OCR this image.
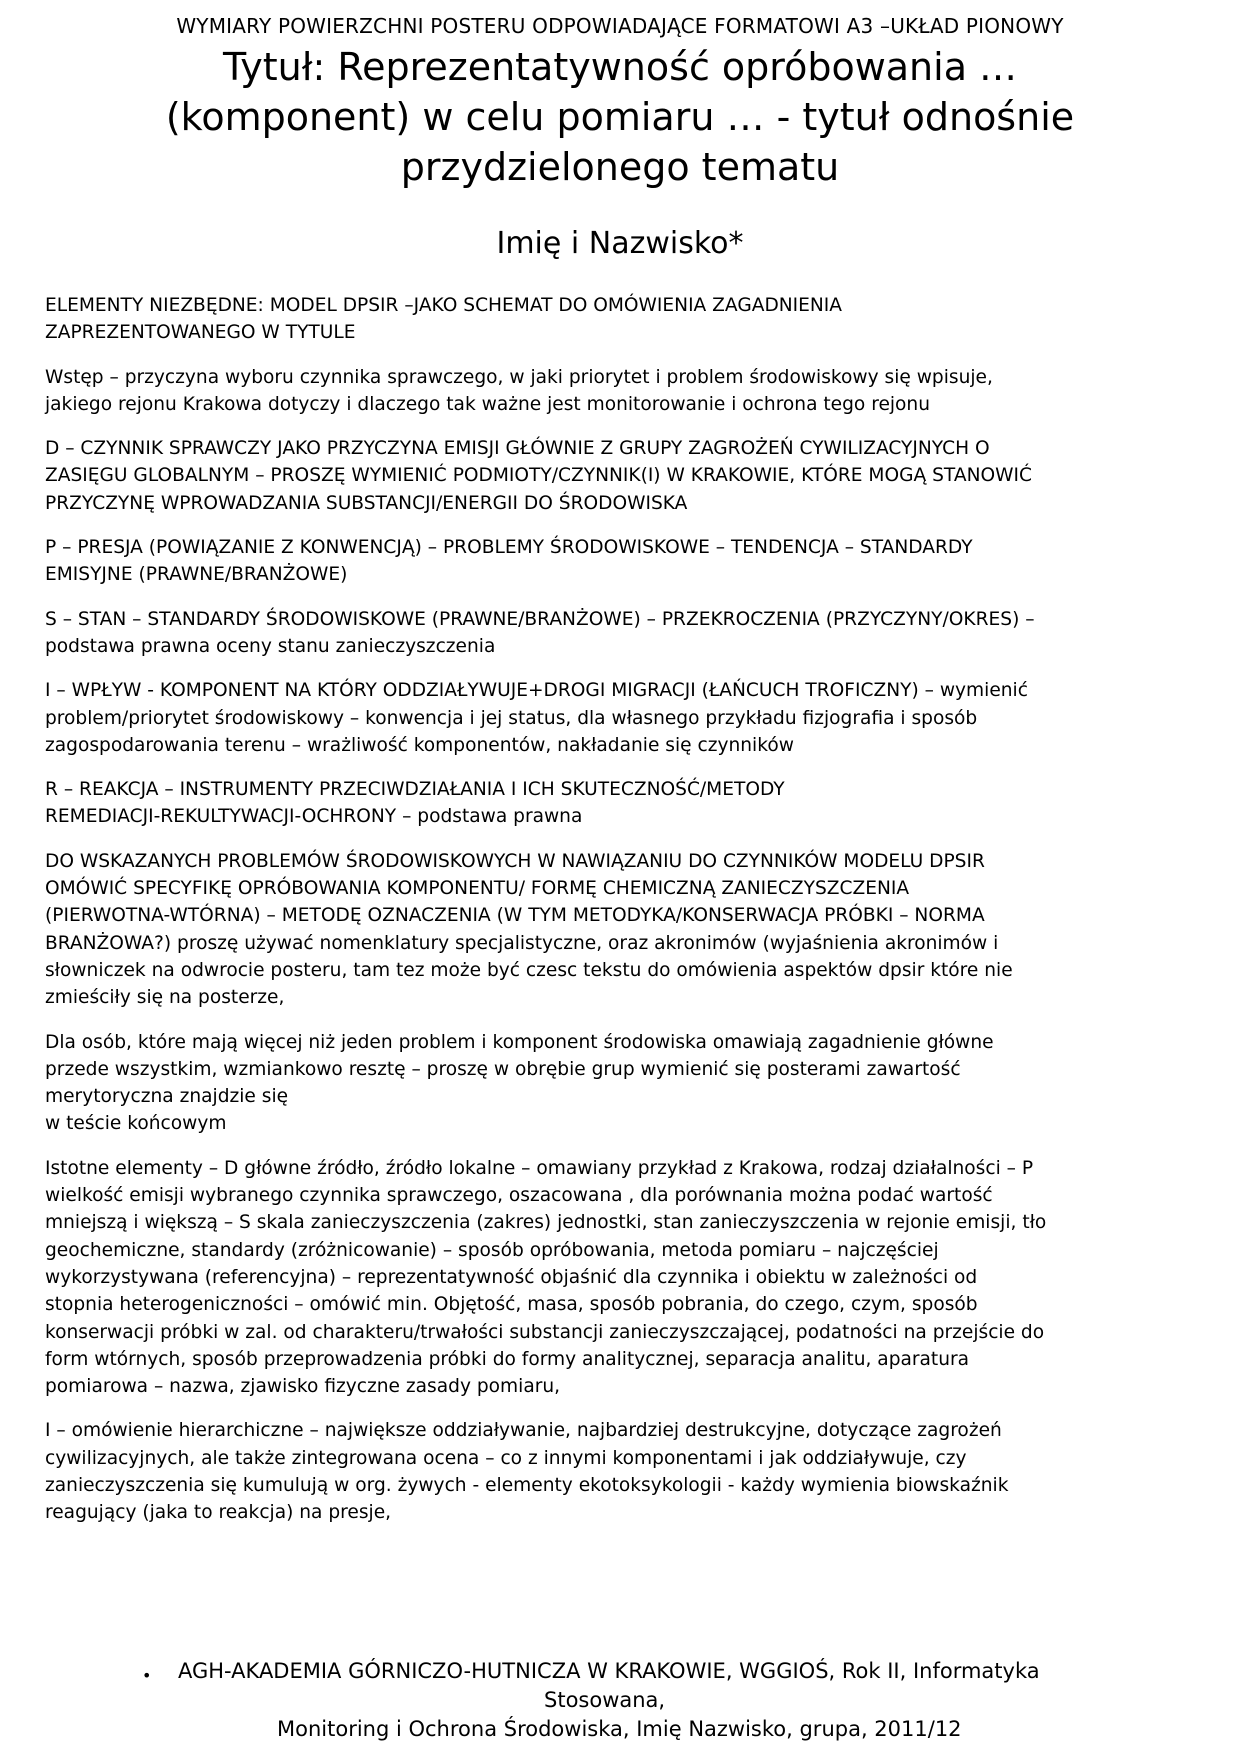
WYMIARY POWIERZCHNI POSTERU ODPOWIADAJĄCE FORMATOWI A3 –UKŁAD PIONOWY
Tytuł: Reprezentatywność opróbowania …
(komponent) w celu pomiaru … - tytuł odnośnie
przydzielonego tematu
Imię i Nazwisko*

ELEMENTY NIEZBĘDNE: MODEL DPSIR –JAKO SCHEMAT DO OMÓWIENIA ZAGADNIENIA
ZAPREZENTOWANEGO W TYTULE

Wstęp – przyczyna wyboru czynnika sprawczego, w jaki priorytet i problem środowiskowy się wpisuje,
jakiego rejonu Krakowa dotyczy i dlaczego tak ważne jest monitorowanie i ochrona tego rejonu

D – CZYNNIK SPRAWCZY JAKO PRZYCZYNA EMISJI GŁÓWNIE Z GRUPY ZAGROŻEŃ CYWILIZACYJNYCH O
ZASIĘGU GLOBALNYM – PROSZĘ WYMIENIĆ PODMIOTY/CZYNNIK(I) W KRAKOWIE, KTÓRE MOGĄ STANOWIĆ
PRZYCZYNĘ WPROWADZANIA SUBSTANCJI/ENERGII DO ŚRODOWISKA

P – PRESJA (POWIĄZANIE Z KONWENCJĄ) – PROBLEMY ŚRODOWISKOWE – TENDENCJA – STANDARDY
EMISYJNE (PRAWNE/BRANŻOWE)

S – STAN – STANDARDY ŚRODOWISKOWE (PRAWNE/BRANŻOWE) – PRZEKROCZENIA (PRZYCZYNY/OKRES) –
podstawa prawna oceny stanu zanieczyszczenia

I – WPŁYW - KOMPONENT NA KTÓRY ODDZIAŁYWUJE+DROGI MIGRACJI (ŁAŃCUCH TROFICZNY) – wymienić
problem/priorytet środowiskowy – konwencja i jej status, dla własnego przykładu fizjografia i sposób
zagospodarowania terenu – wrażliwość komponentów, nakładanie się czynników

R – REAKCJA – INSTRUMENTY PRZECIWDZIAŁANIA I ICH SKUTECZNOŚĆ/METODY
REMEDIACJI-REKULTYWACJI-OCHRONY – podstawa prawna

DO WSKAZANYCH PROBLEMÓW ŚRODOWISKOWYCH W NAWIĄZANIU DO CZYNNIKÓW MODELU DPSIR
OMÓWIĆ SPECYFIKĘ OPRÓBOWANIA KOMPONENTU/ FORMĘ CHEMICZNĄ ZANIECZYSZCZENIA
(PIERWOTNA-WTÓRNA) – METODĘ OZNACZENIA (W TYM METODYKA/KONSERWACJA PRÓBKI – NORMA
BRANŻOWA?) proszę używać nomenklatury specjalistyczne, oraz akronimów (wyjaśnienia akronimów i
słowniczek na odwrocie posteru, tam tez może być czesc tekstu do omówienia aspektów dpsir które nie
zmieściły się na posterze,

Dla osób, które mają więcej niż jeden problem i komponent środowiska omawiają zagadnienie główne
przede wszystkim, wzmiankowo resztę – proszę w obrębie grup wymienić się posterami zawartość
merytoryczna znajdzie się
w teście końcowym

Istotne elementy – D główne źródło, źródło lokalne – omawiany przykład z Krakowa, rodzaj działalności – P
wielkość emisji wybranego czynnika sprawczego, oszacowana , dla porównania można podać wartość
mniejszą i większą – S skala zanieczyszczenia (zakres) jednostki, stan zanieczyszczenia w rejonie emisji, tło
geochemiczne, standardy (zróżnicowanie) – sposób opróbowania, metoda pomiaru – najczęściej
wykorzystywana (referencyjna) – reprezentatywność objaśnić dla czynnika i obiektu w zależności od
stopnia heterogeniczności – omówić min. Objętość, masa, sposób pobrania, do czego, czym, sposób
konserwacji próbki w zal. od charakteru/trwałości substancji zanieczyszczającej, podatności na przejście do
form wtórnych, sposób przeprowadzenia próbki do formy analitycznej, separacja analitu, aparatura
pomiarowa – nazwa, zjawisko fizyczne zasady pomiaru,

I – omówienie hierarchiczne – największe oddziaływanie, najbardziej destrukcyjne, dotyczące zagrożeń
cywilizacyjnych, ale także zintegrowana ocena – co z innymi komponentami i jak oddziaływuje, czy
zanieczyszczenia się kumulują w org. żywych - elementy ekotoksykologii - każdy wymienia biowskaźnik
reagujący (jaka to reakcja) na presje,

• AGH-AKADEMIA GÓRNICZO-HUTNICZA W KRAKOWIE, WGGIOŚ, Rok II, Informatyka
Stosowana,
Monitoring i Ochrona Środowiska, Imię Nazwisko, grupa, 2011/12
